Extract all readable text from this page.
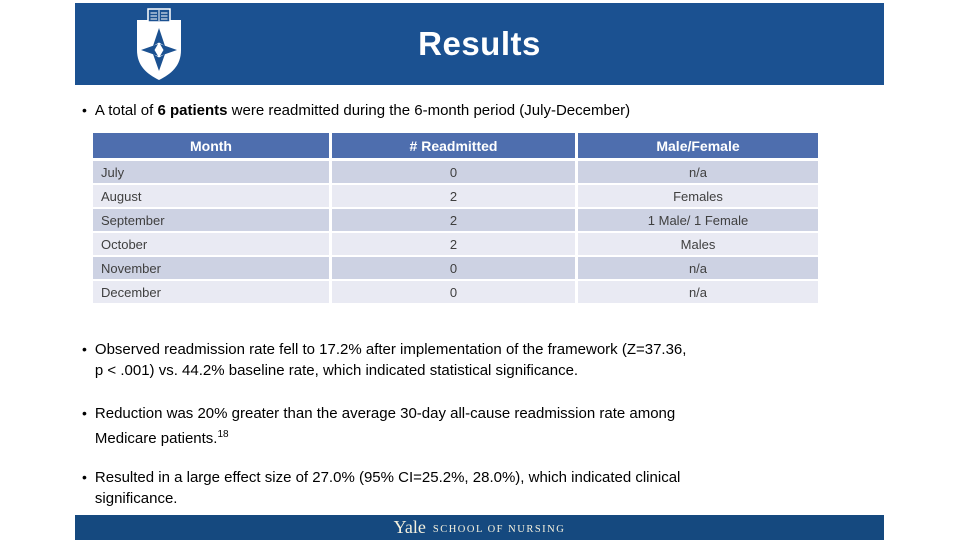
Results

• A total of 6 patients were readmitted during the 6-month period (July-December)

Month	# Readmitted	Male/Female
July	0	n/a
August	2	Females
September	2	1 Male/ 1 Female
October	2	Males
November	0	n/a
December	0	n/a

• Observed readmission rate fell to 17.2% after implementation of the framework (Z=37.36,
p < .001) vs. 44.2% baseline rate, which indicated statistical significance.

• Reduction was 20% greater than the average 30-day all-cause readmission rate among
Medicare patients.$^{18}$

• Resulted in a large effect size of 27.0% (95% CI=25.2%, 28.0%), which indicated clinical
significance.

Yale SCHOOL OF NURSING
